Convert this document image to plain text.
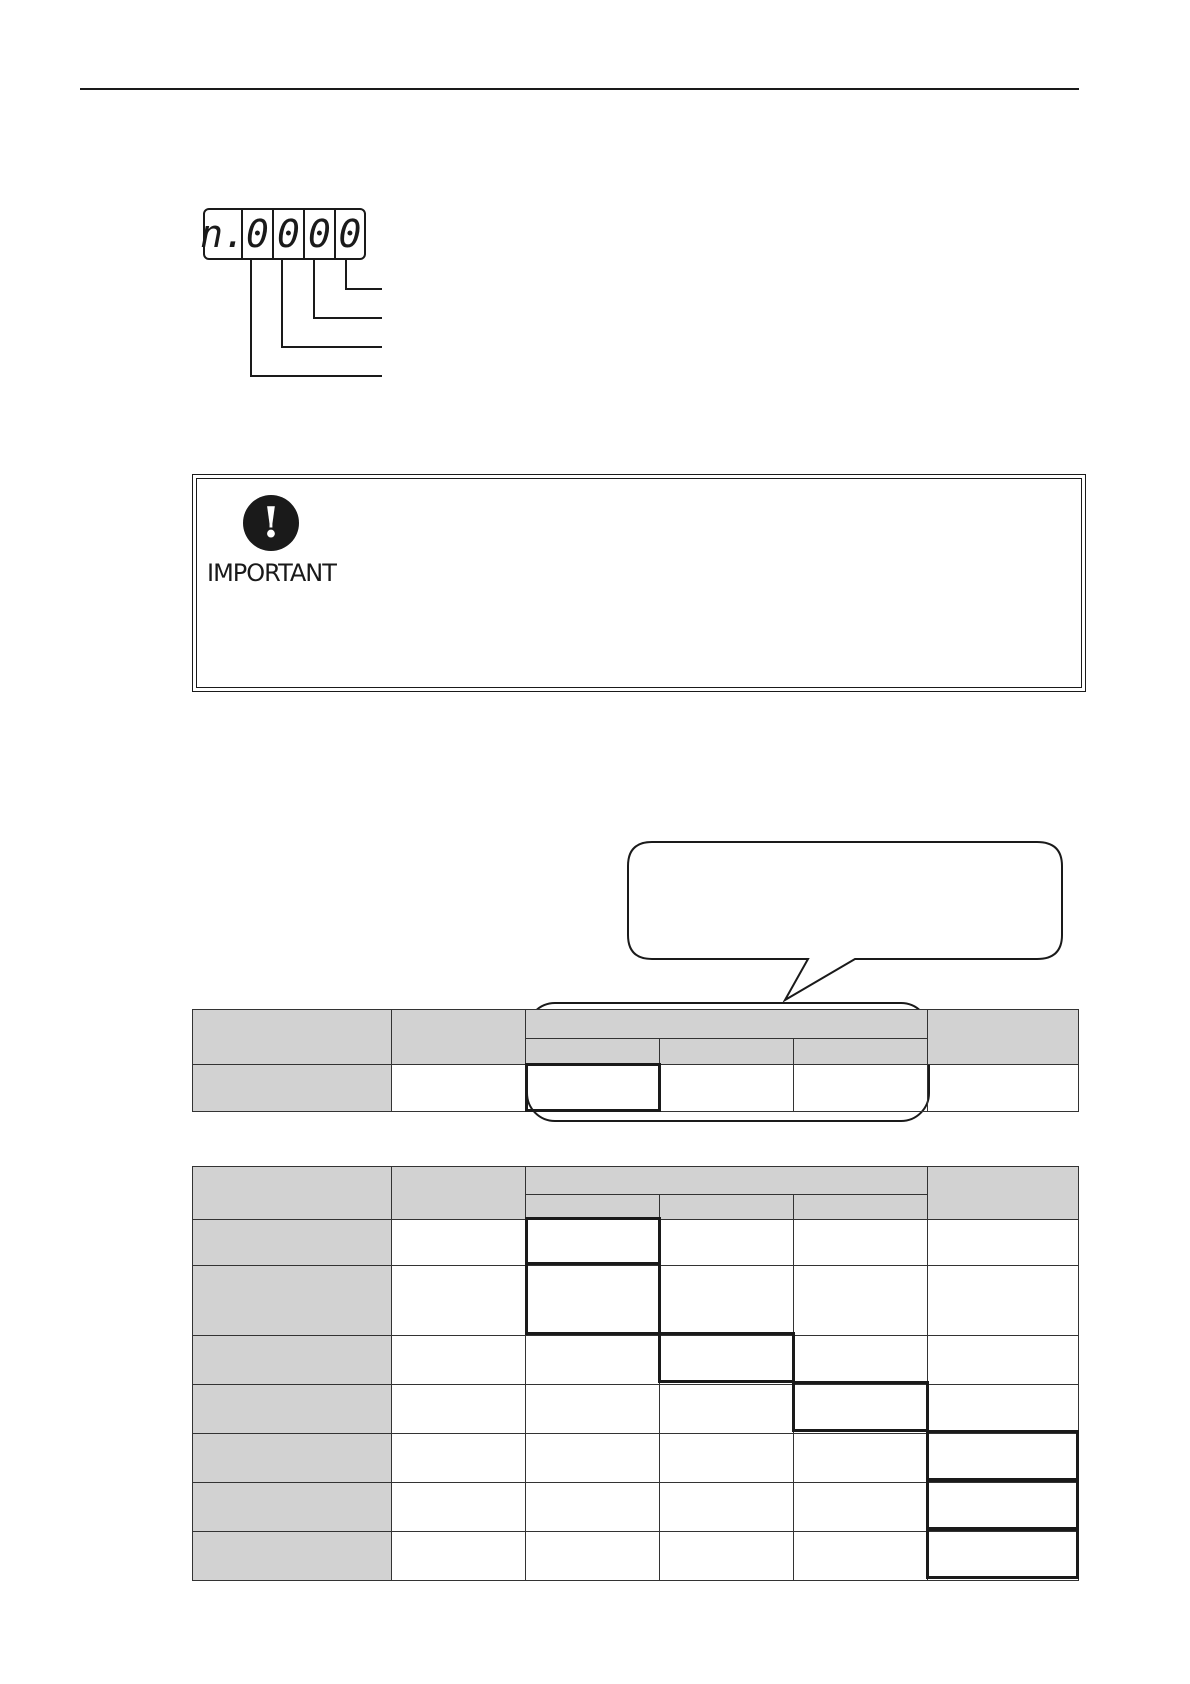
n. 0 0 0 0
!
IMPORTANT
